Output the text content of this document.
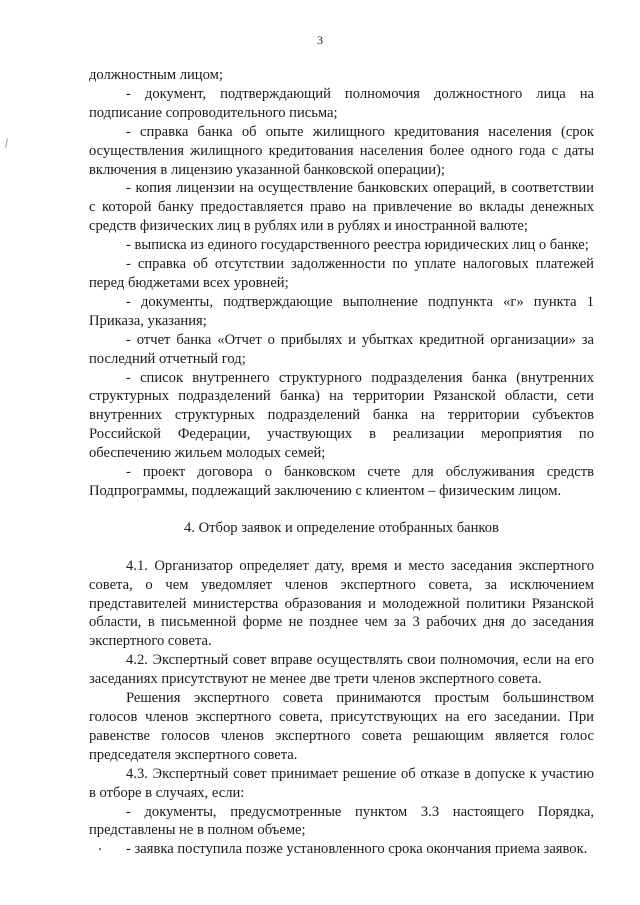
3

должностным лицом;

- документ, подтверждающий полномочия должностного лица на подписание сопроводительного письма;

- справка банка об опыте жилищного кредитования населения (срок осуществления жилищного кредитования населения более одного года с даты включения в лицензию указанной банковской операции);

- копия лицензии на осуществление банковских операций, в соответствии с которой банку предоставляется право на привлечение во вклады денежных средств физических лиц в рублях или в рублях и иностранной валюте;

- выписка из единого государственного реестра юридических лиц о банке;

- справка об отсутствии задолженности по уплате налоговых платежей перед бюджетами всех уровней;

- документы, подтверждающие выполнение подпункта «г» пункта 1 Приказа, указания;

- отчет банка «Отчет о прибылях и убытках кредитной организации» за последний отчетный год;

- список внутреннего структурного подразделения банка (внутренних структурных подразделений банка) на территории Рязанской области, сети внутренних структурных подразделений банка на территории субъектов Российской Федерации, участвующих в реализации мероприятия по обеспечению жильем молодых семей;

- проект договора о банковском счете для обслуживания средств Подпрограммы, подлежащий заключению с клиентом – физическим лицом.

4. Отбор заявок и определение отобранных банков

4.1. Организатор определяет дату, время и место заседания экспертного совета, о чем уведомляет членов экспертного совета, за исключением представителей министерства образования и молодежной политики Рязанской области, в письменной форме не позднее чем за 3 рабочих дня до заседания экспертного совета.

4.2. Экспертный совет вправе осуществлять свои полномочия, если на его заседаниях присутствуют не менее две трети членов экспертного совета.

Решения экспертного совета принимаются простым большинством голосов членов экспертного совета, присутствующих на его заседании. При равенстве голосов членов экспертного совета решающим является голос председателя экспертного совета.

4.3. Экспертный совет принимает решение об отказе в допуске к участию в отборе в случаях, если:

- документы, предусмотренные пунктом 3.3 настоящего Порядка, представлены не в полном объеме;

- заявка поступила позже установленного срока окончания приема заявок.
